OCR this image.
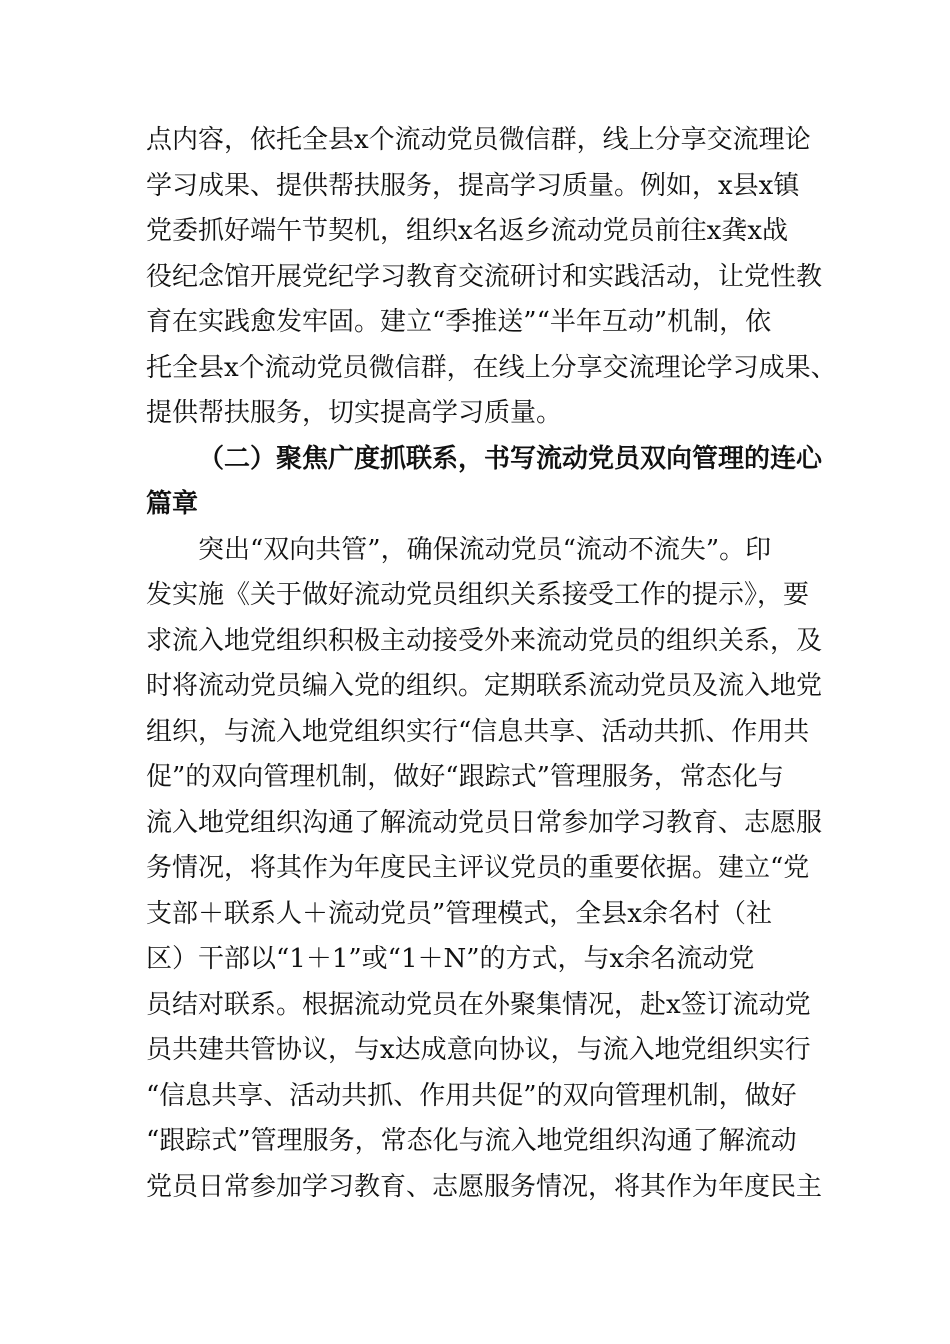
点内容，依托全县x个流动党员微信群，线上分享交流理论
学习成果、提供帮扶服务，提高学习质量。例如，x县x镇
党委抓好端午节契机，组织x名返乡流动党员前往x龚x战
役纪念馆开展党纪学习教育交流研讨和实践活动，让党性教
育在实践愈发牢固。建立“季推送”“半年互动”机制，依
托全县x个流动党员微信群，在线上分享交流理论学习成果、
提供帮扶服务，切实提高学习质量。
（二）聚焦广度抓联系，书写流动党员双向管理的连心
篇章
突出“双向共管”，确保流动党员“流动不流失”。印
发实施《关于做好流动党员组织关系接受工作的提示》，要
求流入地党组织积极主动接受外来流动党员的组织关系，及
时将流动党员编入党的组织。定期联系流动党员及流入地党
组织，与流入地党组织实行“信息共享、活动共抓、作用共
促”的双向管理机制，做好“跟踪式”管理服务，常态化与
流入地党组织沟通了解流动党员日常参加学习教育、志愿服
务情况，将其作为年度民主评议党员的重要依据。建立“党
支部＋联系人＋流动党员”管理模式，全县x余名村（社
区）干部以“1＋1”或“1＋N”的方式，与x余名流动党
员结对联系。根据流动党员在外聚集情况，赴x签订流动党
员共建共管协议，与x达成意向协议，与流入地党组织实行
“信息共享、活动共抓、作用共促”的双向管理机制，做好
“跟踪式”管理服务，常态化与流入地党组织沟通了解流动
党员日常参加学习教育、志愿服务情况，将其作为年度民主
